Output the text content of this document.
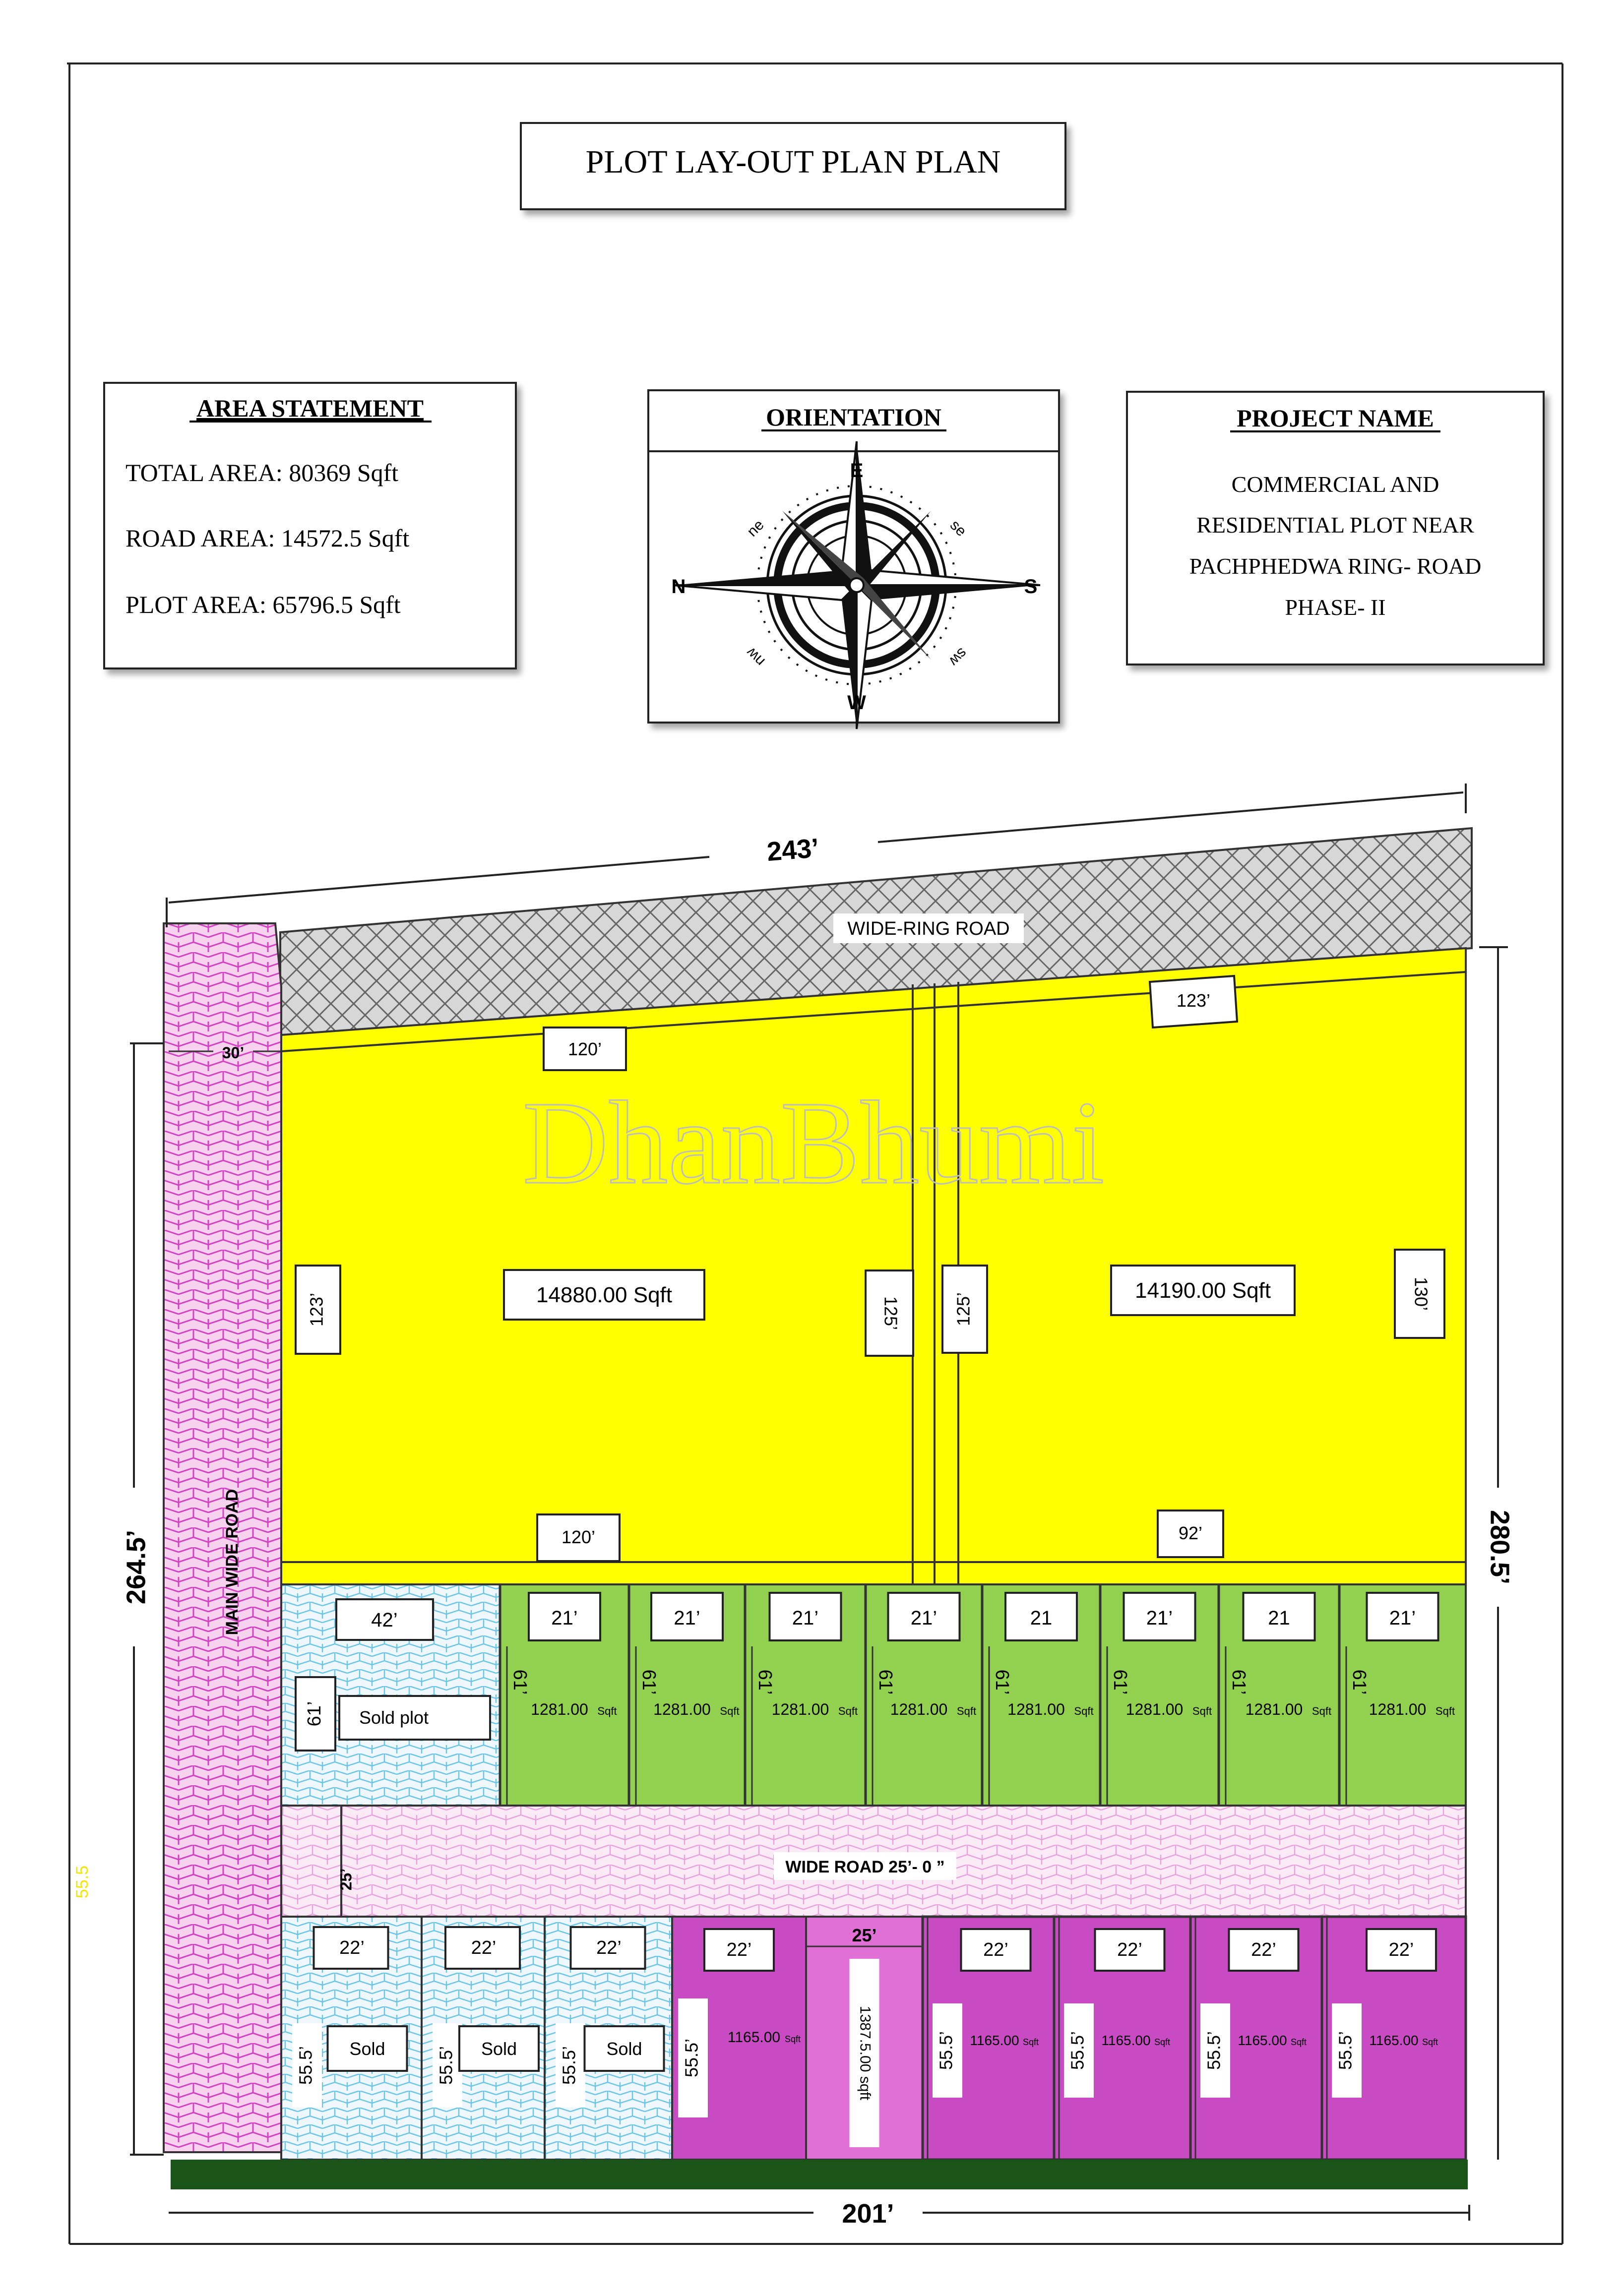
PLOT LAY-OUT PLAN PLAN
AREA STATEMENT
TOTAL AREA: 80369 Sqft
ROAD AREA: 14572.5 Sqft
PLOT AREA: 65796.5 Sqft
ORIENTATION
E
W
N	S
ne	se
nw	sw
PROJECT NAME
COMMERCIAL AND
RESIDENTIAL PLOT NEAR
PACHPHEDWA RING- ROAD
PHASE- II
WIDE-RING ROAD
DhanBhumi
14880.00 Sqft
120’
120’
123’	125’
14190.00 Sqft
123’
92’
125’	130’
MAIN WIDE ROAD
30’
42’
61’ Sold plot
21’
61’
1281.00 Sqft
21’
61’
1281.00 Sqft
21’
61’
1281.00 Sqft
21’
61’
1281.00 Sqft
21
61’
1281.00 Sqft
21’
61’
1281.00 Sqft
21
61’
1281.00 Sqft
21’
61’
1281.00 Sqft
WIDE ROAD 25’- 0 ”
25’
22’
55.5’ Sold
22’
55.5’ Sold
22’
55.5’ Sold
22’
55.5’
1165.00 Sqft
25’
1387.5.00 sqft
22’
55.5’ 1165.00 Sqft
22’
55.5’ 1165.00 Sqft
22’
55.5’ 1165.00 Sqft
22’
55.5’ 1165.00 Sqft
243’
201’
264.5’	280.5’
55.5
